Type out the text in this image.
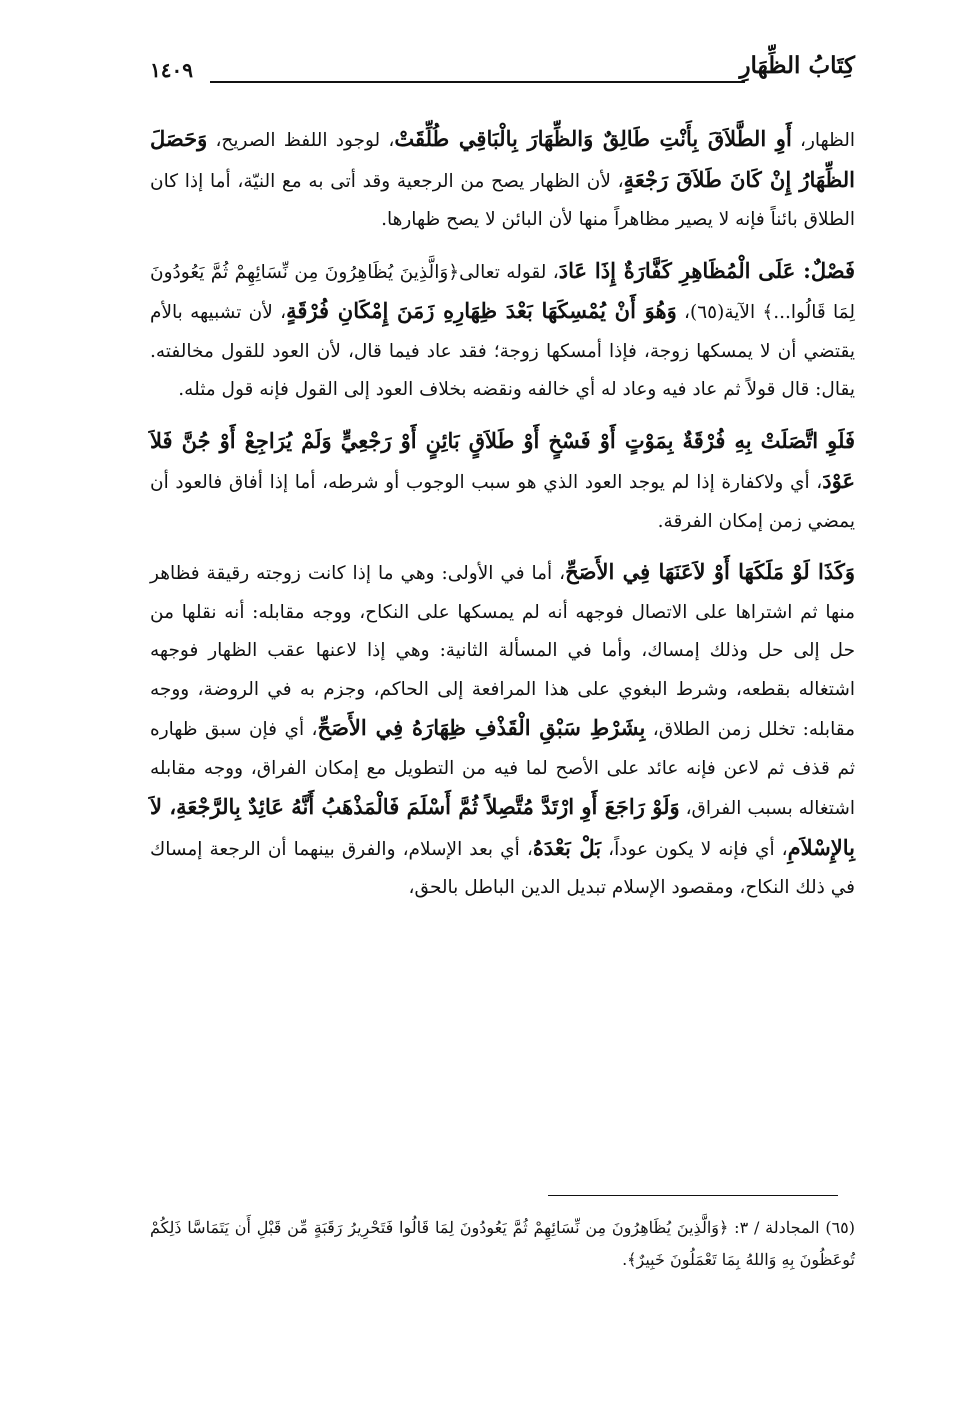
كِتَابُ الظِّهَارِ
١٤٠٩

الظهار، أَوِ الطَّلاَقَ بِأَنْتِ طَالِقٌ وَالظِّهَارَ بِالْبَاقِي طُلِّقَتْ، لوجود اللفظ الصريح، وَحَصَلَ الظِّهَارُ إِنْ كَانَ طَلاَقَ رَجْعَةٍ، لأن الظهار يصح من الرجعية وقد أتى به مع النيّة، أما إذا كان الطلاق بائناً فإنه لا يصير مظاهراً منها لأن البائن لا يصح ظهارها.

فَصْلٌ: عَلَى الْمُظَاهِرِ كَفَّارَةٌ إِذَا عَادَ، لقوله تعالى﴿وَالَّذِينَ يُظَاهِرُونَ مِن نِّسَائِهِمْ ثُمَّ يَعُودُونَ لِمَا قَالُوا...﴾ الآية(٦٥)، وَهُوَ أَنْ يُمْسِكَهَا بَعْدَ ظِهَارِهِ زَمَنَ إِمْكَانِ فُرْقَةٍ، لأن تشبيهه بالأم يقتضي أن لا يمسكها زوجة، فإذا أمسكها زوجة؛ فقد عاد فيما قال، لأن العود للقول مخالفته. يقال: قال قولاً ثم عاد فيه وعاد له أي خالفه ونقضه بخلاف العود إلى القول فإنه قول مثله.

فَلَوِ اتَّصَلَتْ بِهِ فُرْقَةٌ بِمَوْتٍ أَوْ فَسْخٍ أَوْ طَلاَقٍ بَائِنٍ أَوْ رَجْعِيٍّ وَلَمْ يُرَاجِعْ أَوْ جُنَّ فَلاَ عَوْدَ، أي ولاكفارة إذا لم يوجد العود الذي هو سبب الوجوب أو شرطه، أما إذا أفاق فالعود أن يمضي زمن إمكان الفرقة.

وَكَذَا لَوْ مَلَكَهَا أَوْ لاَعَنَهَا فِي الأَصَحِّ، أما في الأولى: وهي ما إذا كانت زوجته رقيقة فظاهر منها ثم اشتراها على الاتصال فوجهه أنه لم يمسكها على النكاح، ووجه مقابله: أنه نقلها من حل إلى حل وذلك إمساك، وأما في المسألة الثانية: وهي إذا لاعنها عقب الظهار فوجهه اشتغاله بقطعه، وشرط البغوي على هذا المرافعة إلى الحاكم، وجزم به في الروضة، ووجه مقابله: تخلل زمن الطلاق، بِشَرْطِ سَبْقِ الْقَذْفِ ظِهَارَهُ فِي الأَصَحِّ، أي فإن سبق ظهاره ثم قذف ثم لاعن فإنه عائد على الأصح لما فيه من التطويل مع إمكان الفراق، ووجه مقابله اشتغاله بسبب الفراق، وَلَوْ رَاجَعَ أَوِ ارْتَدَّ مُتَّصِلاً ثُمَّ أَسْلَمَ فَالْمَذْهَبُ أَنَّهُ عَائِدٌ بِالرَّجْعَةِ، لاَ بِالإِسْلاَمِ، أي فإنه لا يكون عوداً، بَلْ بَعْدَهُ، أي بعد الإسلام، والفرق بينهما أن الرجعة إمساك في ذلك النكاح، ومقصود الإسلام تبديل الدين الباطل بالحق،

(٦٥) المجادلة / ٣: ﴿وَالَّذِينَ يُظَاهِرُونَ مِن نِّسَائِهِمْ ثُمَّ يَعُودُونَ لِمَا قَالُوا فَتَحْرِيرُ رَقَبَةٍ مِّن قَبْلِ أَن يَتَمَاسَّا ذَلِكُمْ تُوعَظُونَ بِهِ وَاللهُ بِمَا تَعْمَلُونَ خَبِيرٌ﴾.
